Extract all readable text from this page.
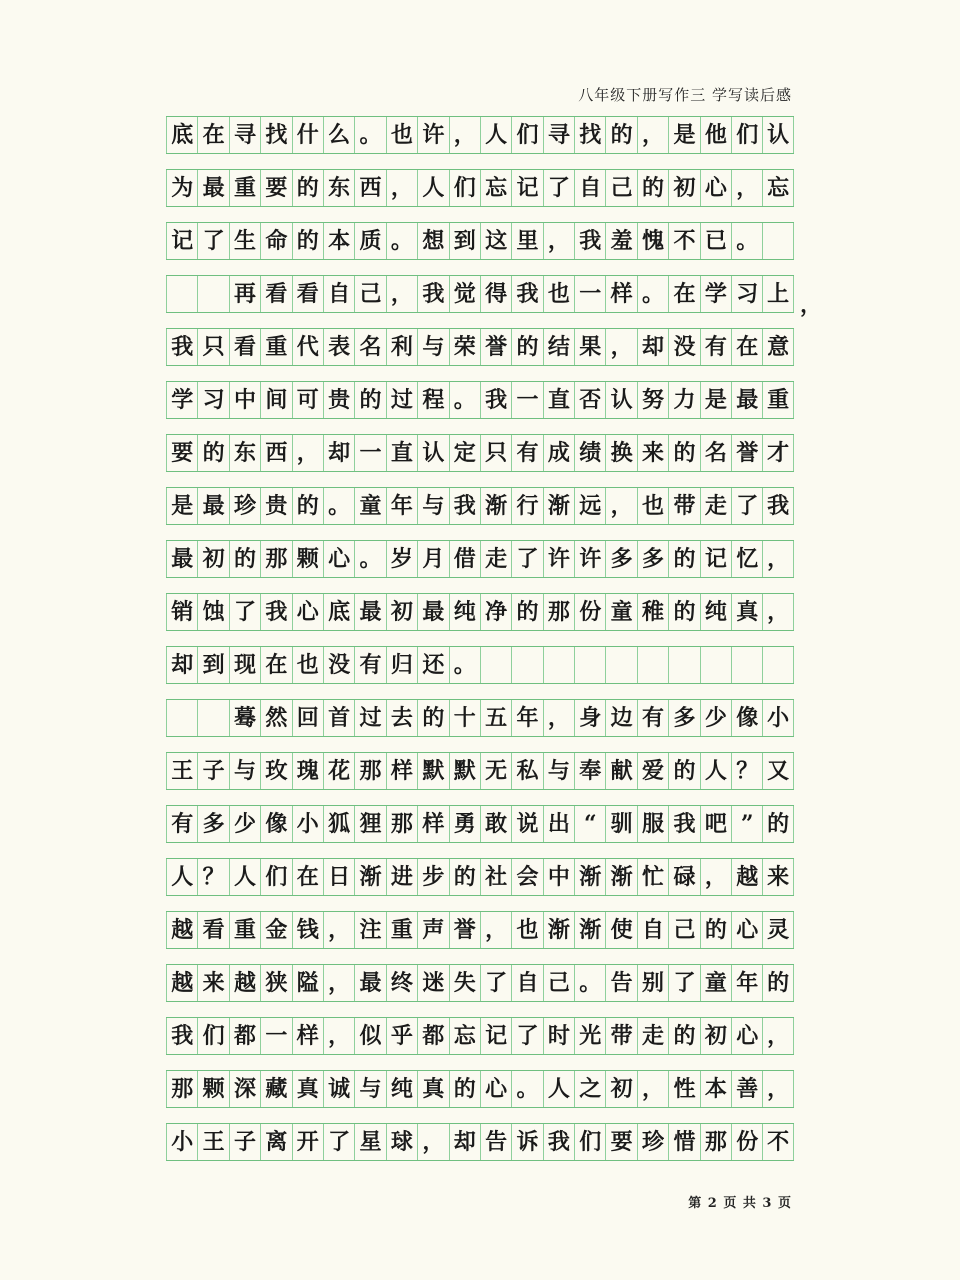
八年级下册写作三 学写读后感
底 在 寻 找 什 么 。 也 许 ， 人 们 寻 找 的 ， 是 他 们 认
为 最 重 要 的 东 西 ， 人 们 忘 记 了 自 己 的 初 心 ， 忘
记 了 生 命 的 本 质 。 想 到 这 里 ， 我 羞 愧 不 已 。
再 看 看 自 己 ， 我 觉 得 我 也 一 样 。 在 学 习 上
我 只 看 重 代 表 名 利 与 荣 誉 的 结 果 ， 却 没 有 在 意
学 习 中 间 可 贵 的 过 程 。 我 一 直 否 认 努 力 是 最 重
要 的 东 西 ， 却 一 直 认 定 只 有 成 绩 换 来 的 名 誉 才
是 最 珍 贵 的 。 童 年 与 我 渐 行 渐 远 ， 也 带 走 了 我
最 初 的 那 颗 心 。 岁 月 借 走 了 许 许 多 多 的 记 忆 ，
销 蚀 了 我 心 底 最 初 最 纯 净 的 那 份 童 稚 的 纯 真 ，
却 到 现 在 也 没 有 归 还 。
蓦 然 回 首 过 去 的 十 五 年 ， 身 边 有 多 少 像 小
王 子 与 玫 瑰 花 那 样 默 默 无 私 与 奉 献 爱 的 人 ？ 又
有 多 少 像 小 狐 狸 那 样 勇 敢 说 出 “ 驯 服 我 吧 ” 的
人 ？ 人 们 在 日 渐 进 步 的 社 会 中 渐 渐 忙 碌 ， 越 来
越 看 重 金 钱 ， 注 重 声 誉 ， 也 渐 渐 使 自 己 的 心 灵
越 来 越 狭 隘 ， 最 终 迷 失 了 自 己 。 告 别 了 童 年 的
我 们 都 一 样 ， 似 乎 都 忘 记 了 时 光 带 走 的 初 心 ，
那 颗 深 藏 真 诚 与 纯 真 的 心 。 人 之 初 ， 性 本 善 ，
小 王 子 离 开 了 星 球 ， 却 告 诉 我 们 要 珍 惜 那 份 不
，
第 2 页 共 3 页
